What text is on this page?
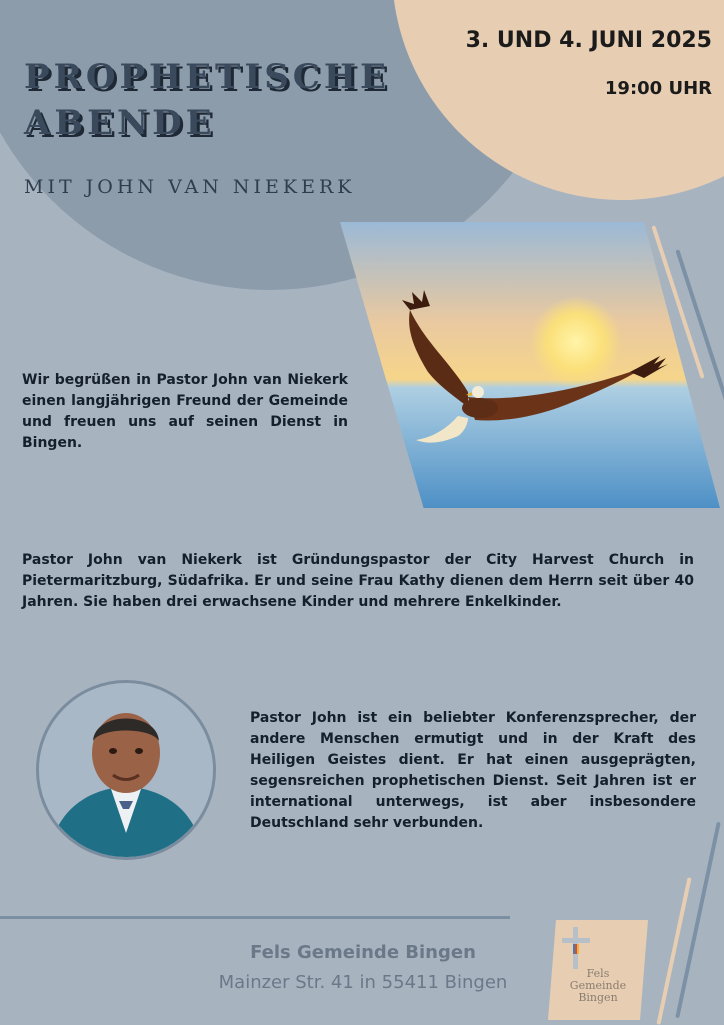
PROPHETISCHE
ABENDE

MIT JOHN VAN NIEKERK

3. UND 4. JUNI 2025
19:00 UHR

Wir begrüßen in Pastor John van Niekerk einen langjährigen Freund der Gemeinde und freuen uns auf seinen Dienst in Bingen.

Pastor John van Niekerk ist Gründungspastor der City Harvest Church in Pietermaritzburg, Südafrika. Er und seine Frau Kathy dienen dem Herrn seit über 40 Jahren. Sie haben drei erwachsene Kinder und mehrere Enkelkinder.

Pastor John ist ein beliebter Konferenzsprecher, der andere Menschen ermutigt und in der Kraft des Heiligen Geistes dient. Er hat einen ausgeprägten, segensreichen prophetischen Dienst. Seit Jahren ist er international unterwegs, ist aber insbesondere Deutschland sehr verbunden.

Fels Gemeinde Bingen
Mainzer Str. 41 in 55411 Bingen	Fels
Gemeinde
Bingen
